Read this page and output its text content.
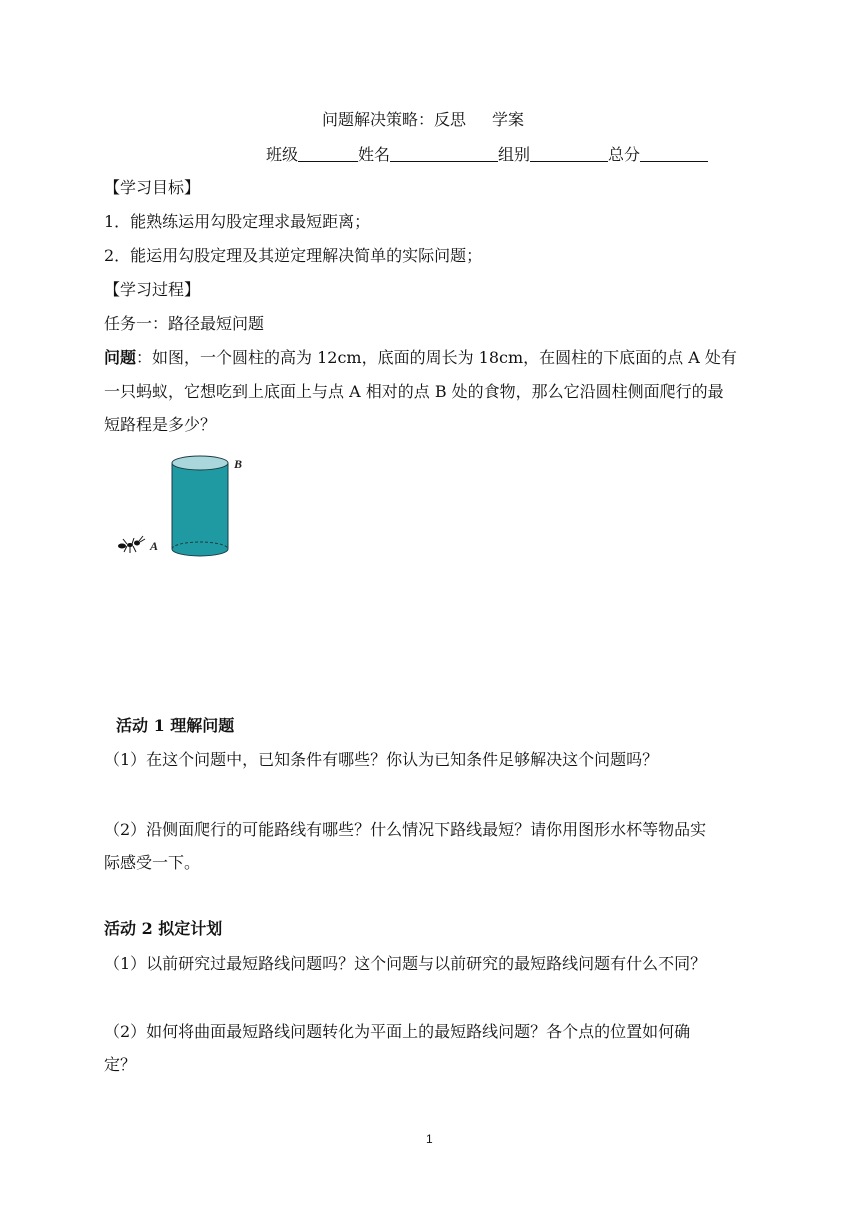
问题解决策略：反思 学案
班级	姓名	组别	总分
【学习目标】
1．能熟练运用勾股定理求最短距离；
2．能运用勾股定理及其逆定理解决简单的实际问题；
【学习过程】
任务一：路径最短问题
问题：如图，一个圆柱的高为 12cm，底面的周长为 18cm，在圆柱的下底面的点 A 处有
一只蚂蚁，它想吃到上底面上与点 A 相对的点 B 处的食物，那么它沿圆柱侧面爬行的最
短路程是多少？
B
A
活动 1 理解问题
（1）在这个问题中，已知条件有哪些？你认为已知条件足够解决这个问题吗？
（2）沿侧面爬行的可能路线有哪些？什么情况下路线最短？请你用图形水杯等物品实
际感受一下。
活动 2 拟定计划
（1）以前研究过最短路线问题吗？这个问题与以前研究的最短路线问题有什么不同？
（2）如何将曲面最短路线问题转化为平面上的最短路线问题？各个点的位置如何确
定？
1
